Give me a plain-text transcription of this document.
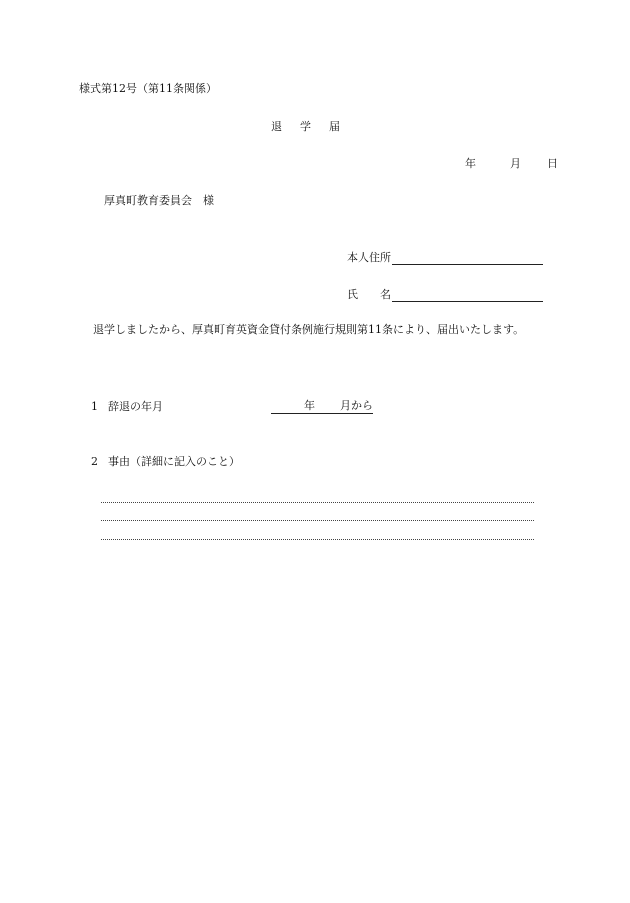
様式第12号（第11条関係）
退学届
年	月 日
厚真町教育委員会　様
本人住所
氏　　名
退学しましたから、厚真町育英資金貸付条例施行規則第11条により、届出いたします。
1 辞退の年月	年 月から
2 事由（詳細に記入のこと）
